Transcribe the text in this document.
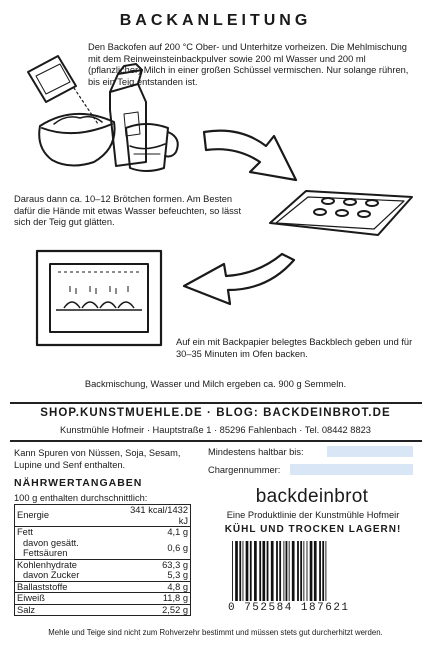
BACKANLEITUNG
Den Backofen auf 200 °C Ober- und Unterhitze vorheizen. Die Mehlmischung mit dem Reinweinsteinbackpulver sowie 200 ml Wasser und 200 ml (pflanzlicher) Milch in einer großen Schüssel vermischen. Nur solange rühren, bis ein Teig entstanden ist.
Daraus dann ca. 10–12 Brötchen formen. Am Besten dafür die Hände mit etwas Wasser befeuchten, so lässt sich der Teig gut glätten.
Auf ein mit Backpapier belegtes Backblech geben und für 30–35 Minuten im Ofen backen.
Backmischung, Wasser und Milch ergeben ca. 900 g Semmeln.
SHOP.KUNSTMUEHLE.DE · BLOG: BACKDEINBROT.DE
Kunstmühle Hofmeir · Hauptstraße 1 · 85296 Fahlenbach · Tel. 08442 8823
Kann Spuren von Nüssen, Soja, Sesam, Lupine und Senf enthalten.
NÄHRWERTANGABEN
100 g enthalten durchschnittlich:
Energie	341 kcal/1432 kJ
Fett	4,1 g
davon gesätt. Fettsäuren	0,6 g
Kohlenhydrate	63,3 g
davon Zucker	5,3 g
Ballaststoffe	4,8 g
Eiweiß	11,8 g
Salz	2,52 g
Mindestens haltbar bis:
Chargennummer:
backdeinbrot
Eine Produktlinie der Kunstmühle Hofmeir
KÜHL UND TROCKEN LAGERN!
0 752584 187621
Mehle und Teige sind nicht zum Rohverzehr bestimmt und müssen stets gut durcherhitzt werden.
